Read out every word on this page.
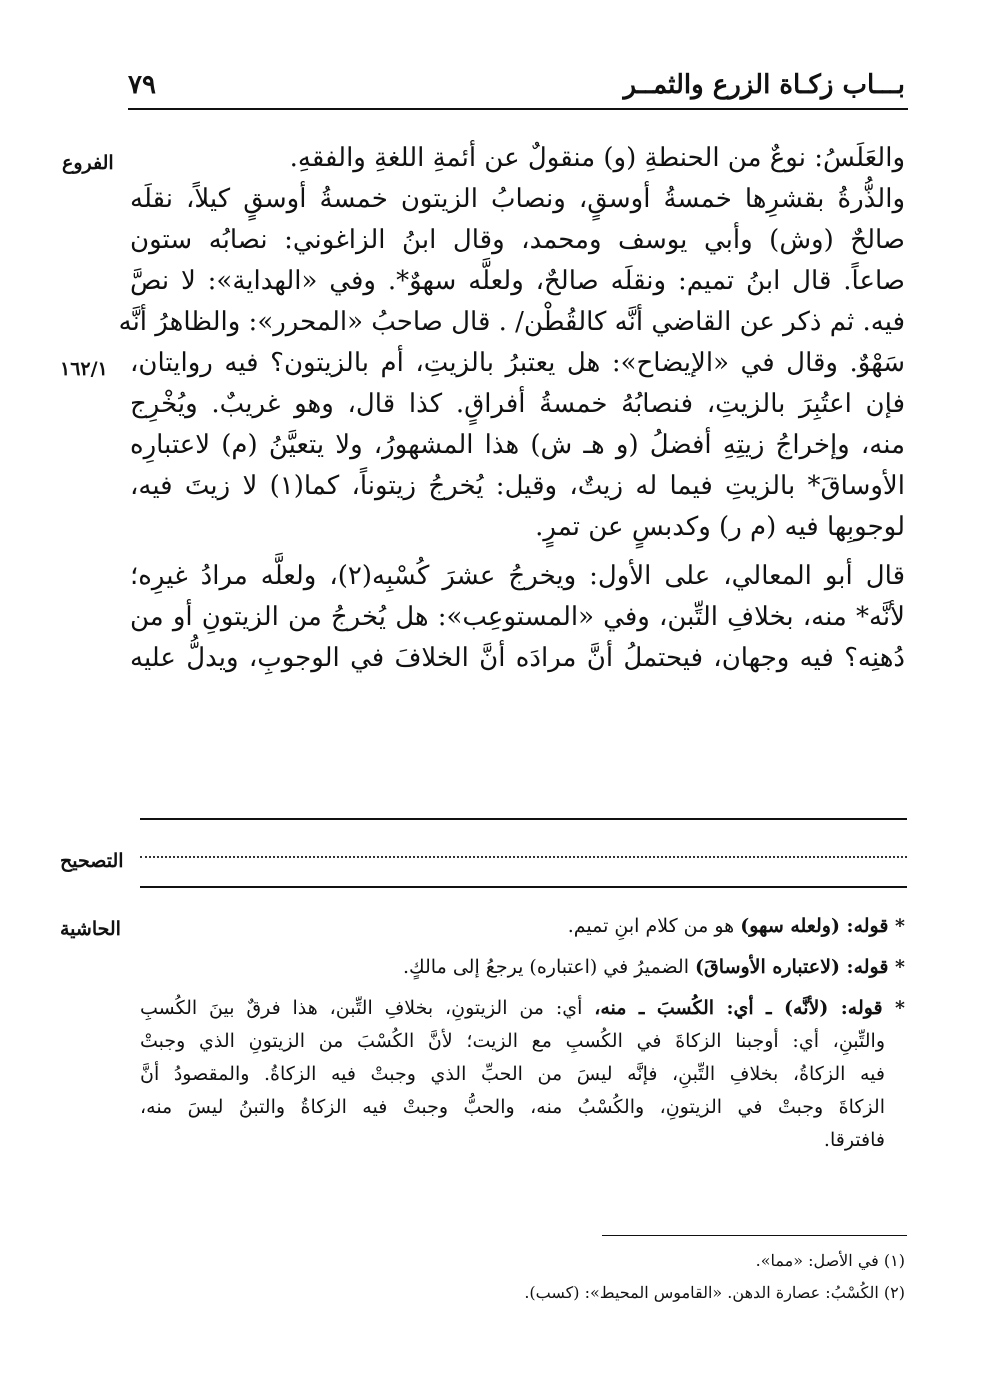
بـــاب زكـاة الزرع والثمــر
٧٩
الفروع
١٦٢/١
التصحيح
الحاشية

والعَلَسُ: نوعٌ من الحنطةِ (و) منقولٌ عن أئمةِ اللغةِ والفقهِ.

والذُّرةُ بقشرِها خمسةُ أوسقٍ، ونصابُ الزيتون خمسةُ أوسقٍ كيلاً، نقلَه

صالحٌ (وش) وأبي يوسف ومحمد، وقال ابنُ الزاغوني: نصابُه ستون

صاعاً. قال ابنُ تميم: ونقلَه صالحٌ، ولعلَّه سهوٌ*. وفي «الهداية»: لا نصَّ

فيه. ثم ذكر عن القاضي أنَّه كالقُطْن/ . قال صاحبُ «المحرر»: والظاهرُ أنَّه

سَهْوٌ. وقال في «الإيضاح»: هل يعتبرُ بالزيتِ، أم بالزيتون؟ فيه روايتان،

فإن اعتُبِرَ بالزيتِ، فنصابُهُ خمسةُ أفراقٍ. كذا قال، وهو غريبٌ. ويُخْرِج

منه، وإخراجُ زيتِهِ أفضلُ (و هـ ش) هذا المشهورُ، ولا يتعيَّنُ (م) لاعتبارِه

الأوساقَ* بالزيتِ فيما له زيتٌ، وقيل: يُخرجُ زيتوناً، كما(١) لا زيتَ فيه،

لوجوبِها فيه (م ر) وكدبسٍ عن تمرٍ.

قال أبو المعالي، على الأول: ويخرجُ عشرَ كُسْبِه(٢)، ولعلَّه مرادُ غيرِه؛

لأنَّه* منه، بخلافِ التِّبن، وفي «المستوعِب»: هل يُخرجُ من الزيتونِ أو من

دُهنِه؟ فيه وجهان، فيحتملُ أنَّ مرادَه أنَّ الخلافَ في الوجوبِ، ويدلُّ عليه

* قوله: (ولعله سهو) هو من كلام ابنِ تميم.

* قوله: (لاعتباره الأوساقَ) الضميرُ في (اعتباره) يرجعُ إلى مالكٍ.

* قوله: (لأنَّه) ـ أي: الكُسبَ ـ منه، أي: من الزيتونِ، بخلافِ التِّبن، هذا فرقٌ بينَ الكُسبِ

والتِّبنِ، أي: أوجبنا الزكاةَ في الكُسبِ مع الزيت؛ لأنَّ الكُسْبَ من الزيتونِ الذي وجبتْ

فيه الزكاةُ، بخلافِ التِّبنِ، فإنَّه ليسَ من الحبِّ الذي وجبتْ فيه الزكاةُ. والمقصودُ أنَّ

الزكاةَ وجبتْ في الزيتونِ، والكُسْبُ منه، والحبُّ وجبتْ فيه الزكاةُ والتبنُ ليسَ منه،

فافترقا.

(١) في الأصل: «مما».

(٢) الكُسْبُ: عصارة الدهن. «القاموس المحيط»: (كسب).
